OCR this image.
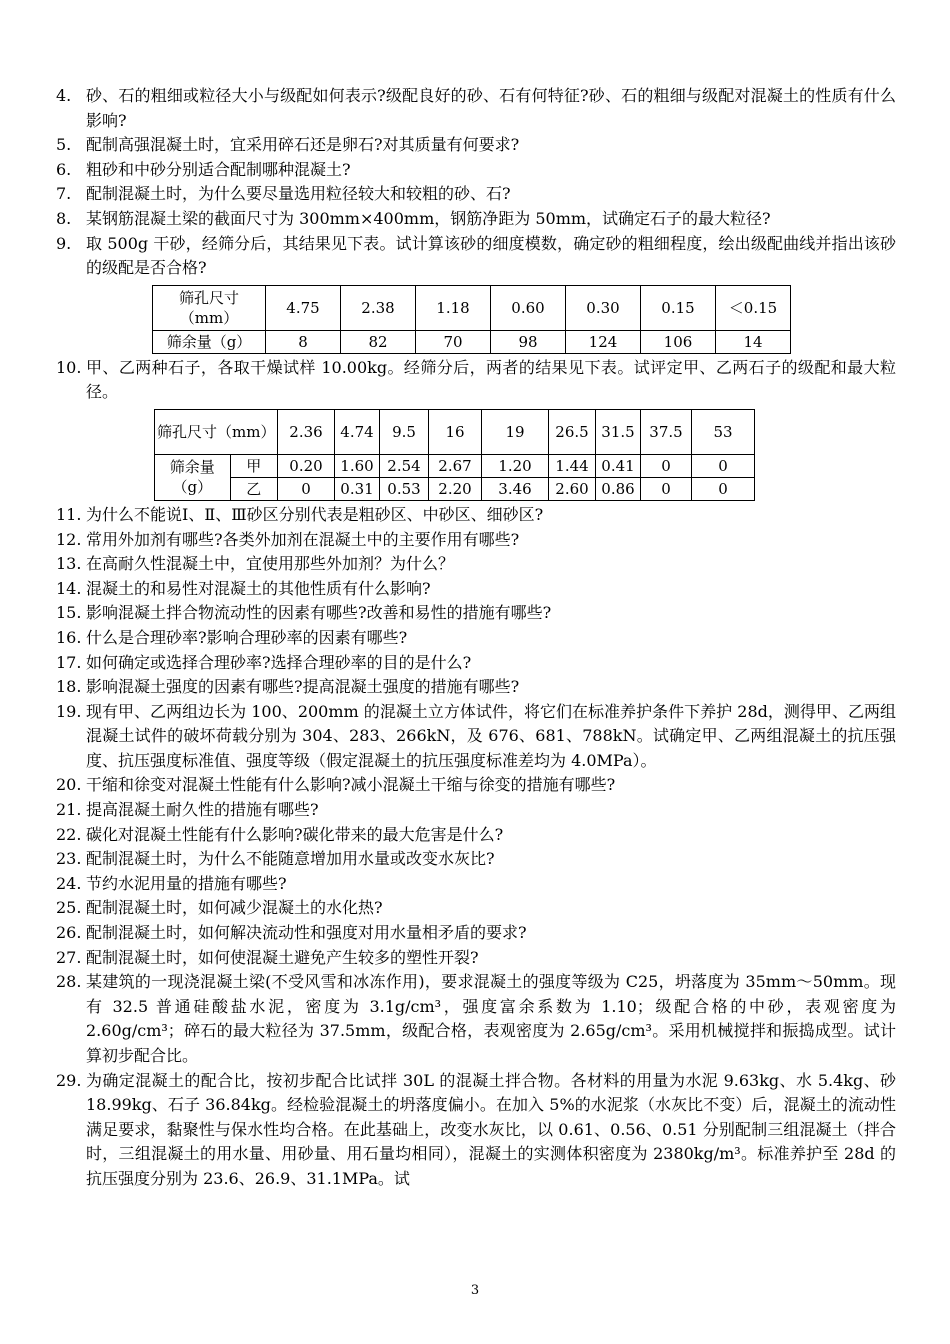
4. 砂、石的粗细或粒径大小与级配如何表示?级配良好的砂、石有何特征?砂、石的粗细与级配对混凝土的性质有什么影响?
5. 配制高强混凝土时，宜采用碎石还是卵石?对其质量有何要求?
6. 粗砂和中砂分别适合配制哪种混凝土?
7. 配制混凝土时，为什么要尽量选用粒径较大和较粗的砂、石?
8. 某钢筋混凝土梁的截面尺寸为 300mm×400mm，钢筋净距为 50mm，试确定石子的最大粒径?
9. 取 500g 干砂，经筛分后，其结果见下表。试计算该砂的细度模数，确定砂的粗细程度，绘出级配曲线并指出该砂的级配是否合格?
筛孔尺寸（mm）	4.75	2.38	1.18	0.60	0.30	0.15	＜0.15
筛余量（g）	8	82	70	98	124	106	14
10. 甲、乙两种石子，各取干燥试样 10.00kg。经筛分后，两者的结果见下表。试评定甲、乙两石子的级配和最大粒径。
筛孔尺寸（mm）		2.36	4.74	9.5	16	19	26.5	31.5	37.5	53
筛余量（g）	甲	0.20	1.60	2.54	2.67	1.20	1.44	0.41	0	0
	乙	0	0.31	0.53	2.20	3.46	2.60	0.86	0	0
11. 为什么不能说Ⅰ、Ⅱ、Ⅲ砂区分别代表是粗砂区、中砂区、细砂区?
12. 常用外加剂有哪些?各类外加剂在混凝土中的主要作用有哪些?
13. 在高耐久性混凝土中，宜使用那些外加剂？为什么？
14. 混凝土的和易性对混凝土的其他性质有什么影响?
15. 影响混凝土拌合物流动性的因素有哪些?改善和易性的措施有哪些?
16. 什么是合理砂率?影响合理砂率的因素有哪些?
17. 如何确定或选择合理砂率?选择合理砂率的目的是什么?
18. 影响混凝土强度的因素有哪些?提高混凝土强度的措施有哪些?
19. 现有甲、乙两组边长为 100、200mm 的混凝土立方体试件，将它们在标准养护条件下养护 28d，测得甲、乙两组混凝土试件的破坏荷载分别为 304、283、266kN，及 676、681、788kN。试确定甲、乙两组混凝土的抗压强度、抗压强度标准值、强度等级（假定混凝土的抗压强度标准差均为 4.0MPa）。
20. 干缩和徐变对混凝土性能有什么影响?减小混凝土干缩与徐变的措施有哪些?
21. 提高混凝土耐久性的措施有哪些?
22. 碳化对混凝土性能有什么影响?碳化带来的最大危害是什么?
23. 配制混凝土时，为什么不能随意增加用水量或改变水灰比?
24. 节约水泥用量的措施有哪些?
25. 配制混凝土时，如何减少混凝土的水化热?
26. 配制混凝土时，如何解决流动性和强度对用水量相矛盾的要求?
27. 配制混凝土时，如何使混凝土避免产生较多的塑性开裂?
28. 某建筑的一现浇混凝土梁(不受风雪和冰冻作用)，要求混凝土的强度等级为 C25，坍落度为 35mm～50mm。现有 32.5 普通硅酸盐水泥，密度为 3.1g/cm³，强度富余系数为 1.10；级配合格的中砂，表观密度为 2.60g/cm³；碎石的最大粒径为 37.5mm，级配合格，表观密度为 2.65g/cm³。采用机械搅拌和振捣成型。试计算初步配合比。
29. 为确定混凝土的配合比，按初步配合比试拌 30L 的混凝土拌合物。各材料的用量为水泥 9.63kg、水 5.4kg、砂 18.99kg、石子 36.84kg。经检验混凝土的坍落度偏小。在加入 5%的水泥浆（水灰比不变）后，混凝土的流动性满足要求，黏聚性与保水性均合格。在此基础上，改变水灰比，以 0.61、0.56、0.51 分别配制三组混凝土（拌合时，三组混凝土的用水量、用砂量、用石量均相同），混凝土的实测体积密度为 2380kg/m³。标准养护至 28d 的抗压强度分别为 23.6、26.9、31.1MPa。试
3
